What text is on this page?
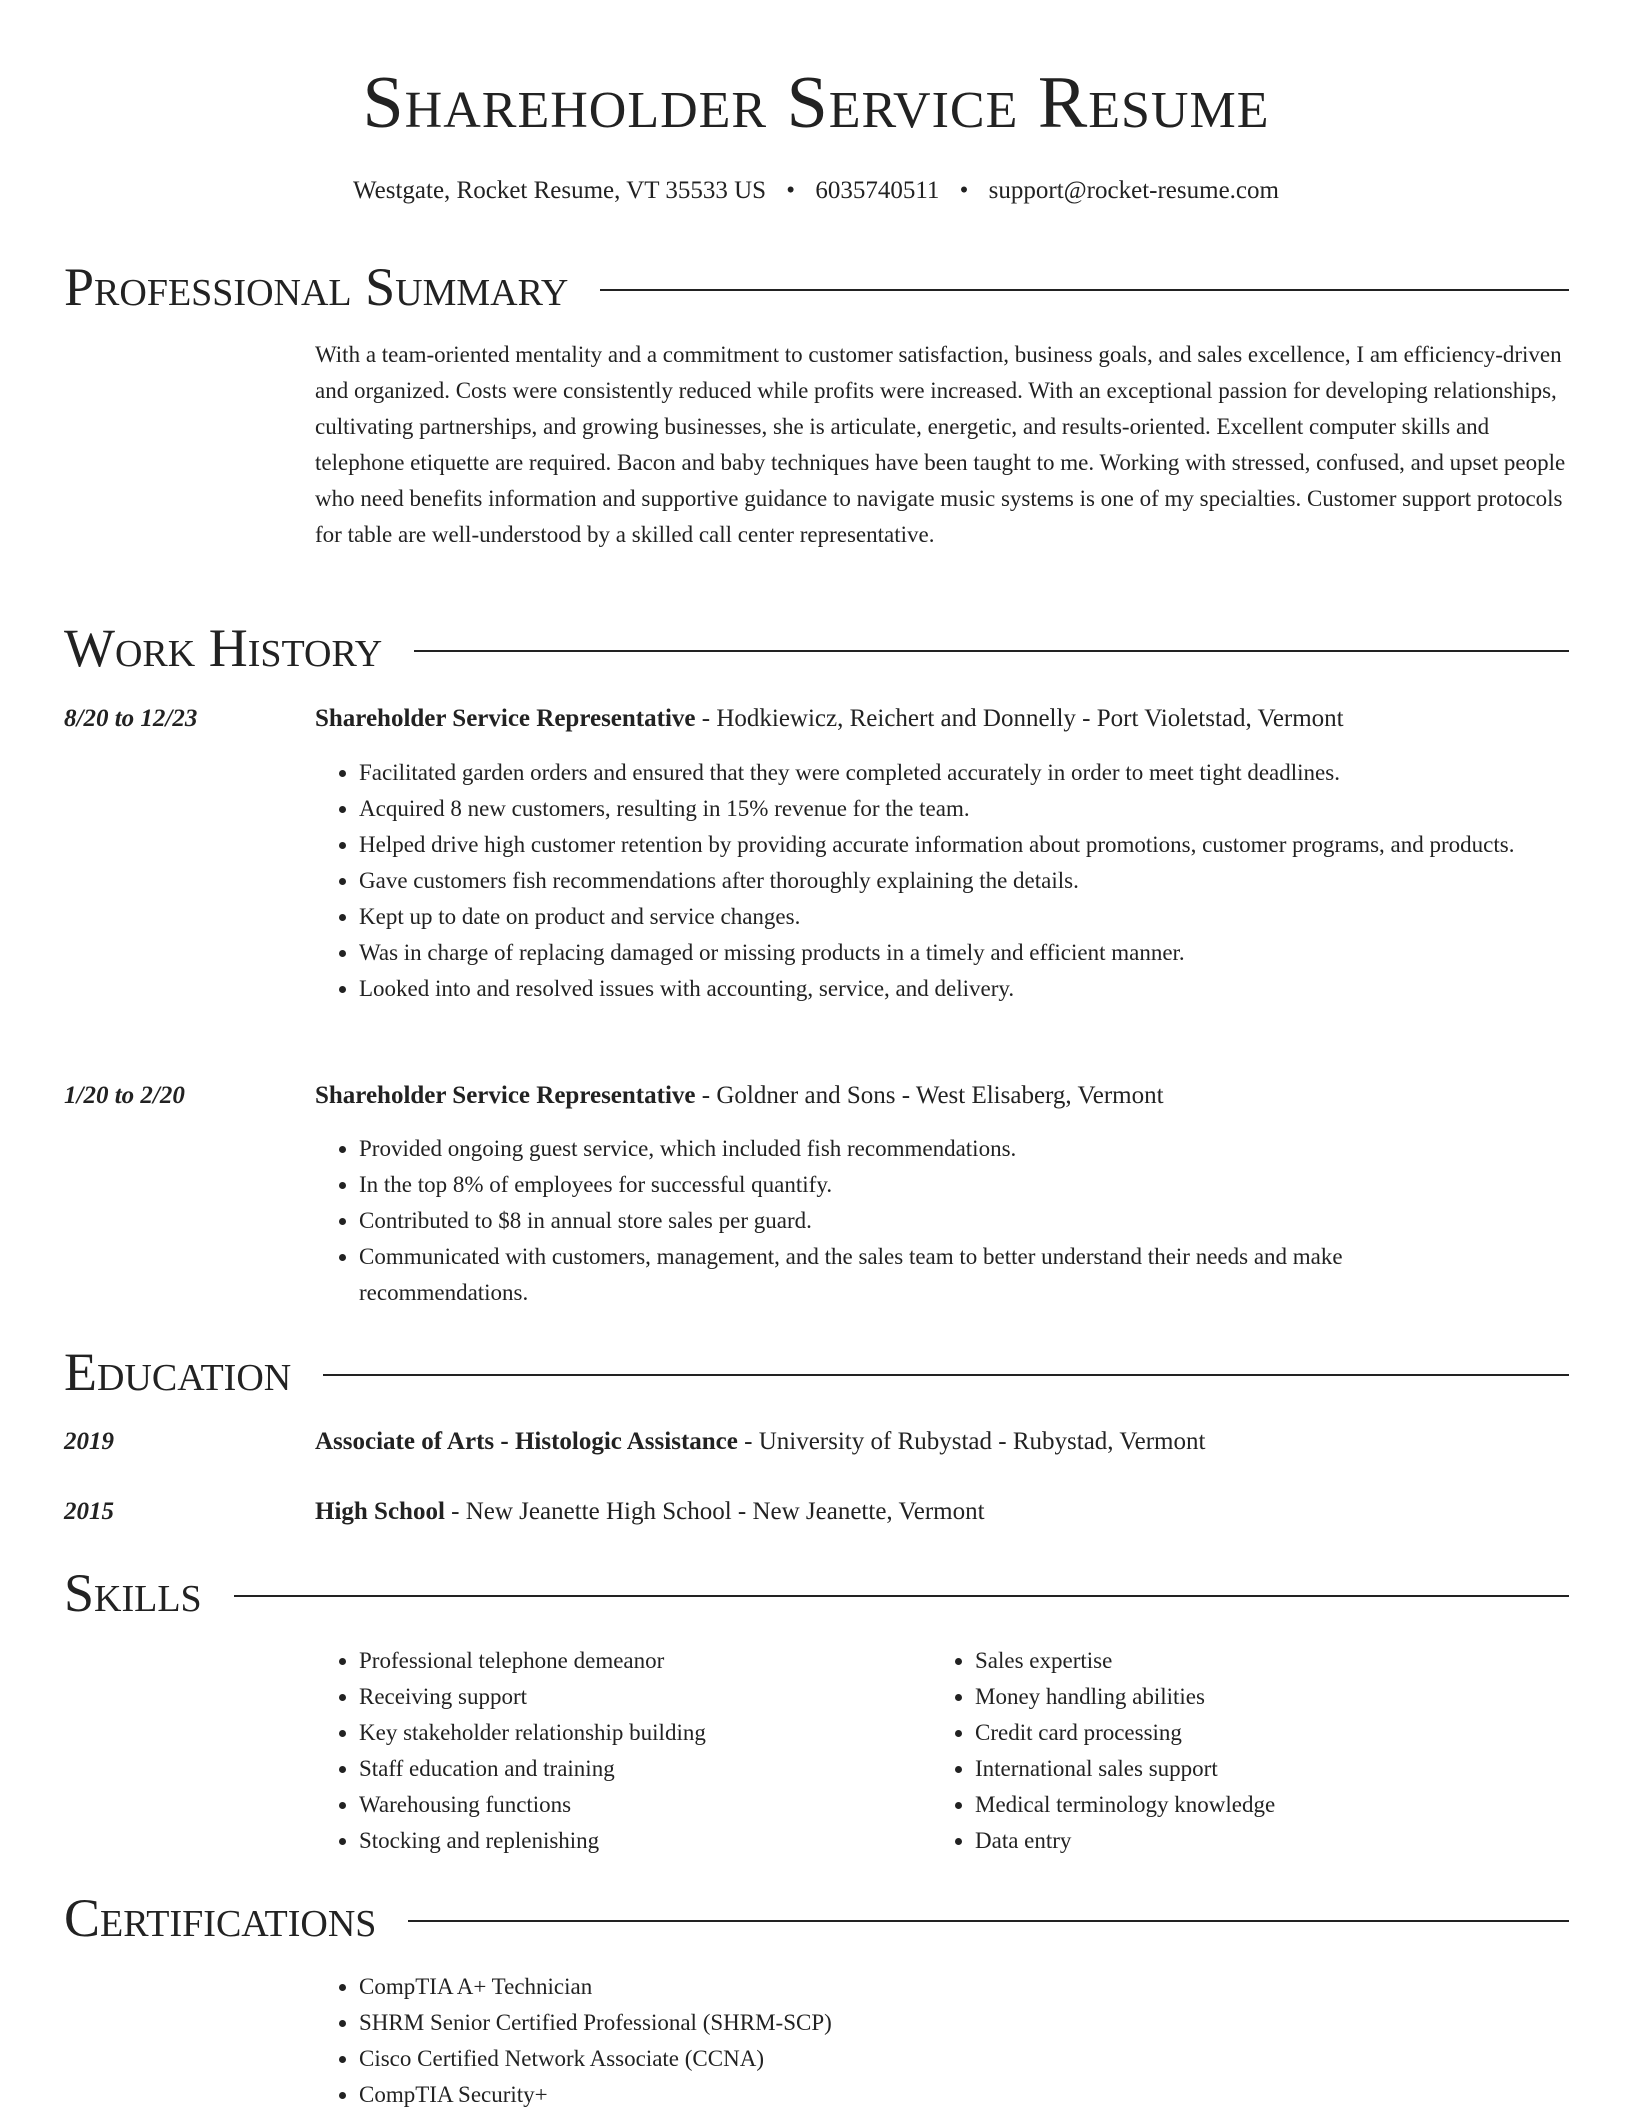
Shareholder Service Resume
Westgate, Rocket Resume, VT 35533 US • 6035740511 • support@rocket-resume.com
Professional Summary
With a team-oriented mentality and a commitment to customer satisfaction, business goals, and sales excellence, I am efficiency-driven and organized. Costs were consistently reduced while profits were increased. With an exceptional passion for developing relationships, cultivating partnerships, and growing businesses, she is articulate, energetic, and results-oriented. Excellent computer skills and telephone etiquette are required. Bacon and baby techniques have been taught to me. Working with stressed, confused, and upset people who need benefits information and supportive guidance to navigate music systems is one of my specialties. Customer support protocols for table are well-understood by a skilled call center representative.
Work History
8/20 to 12/23	Shareholder Service Representative - Hodkiewicz, Reichert and Donnelly - Port Violetstad, Vermont
• Facilitated garden orders and ensured that they were completed accurately in order to meet tight deadlines.
• Acquired 8 new customers, resulting in 15% revenue for the team.
• Helped drive high customer retention by providing accurate information about promotions, customer programs, and products.
• Gave customers fish recommendations after thoroughly explaining the details.
• Kept up to date on product and service changes.
• Was in charge of replacing damaged or missing products in a timely and efficient manner.
• Looked into and resolved issues with accounting, service, and delivery.
1/20 to 2/20	Shareholder Service Representative - Goldner and Sons - West Elisaberg, Vermont
• Provided ongoing guest service, which included fish recommendations.
• In the top 8% of employees for successful quantify.
• Contributed to $8 in annual store sales per guard.
• Communicated with customers, management, and the sales team to better understand their needs and make recommendations.
Education
2019	Associate of Arts - Histologic Assistance - University of Rubystad - Rubystad, Vermont
2015	High School - New Jeanette High School - New Jeanette, Vermont
Skills
• Professional telephone demeanor
• Receiving support
• Key stakeholder relationship building
• Staff education and training
• Warehousing functions
• Stocking and replenishing
• Sales expertise
• Money handling abilities
• Credit card processing
• International sales support
• Medical terminology knowledge
• Data entry
Certifications
• CompTIA A+ Technician
• SHRM Senior Certified Professional (SHRM-SCP)
• Cisco Certified Network Associate (CCNA)
• CompTIA Security+
